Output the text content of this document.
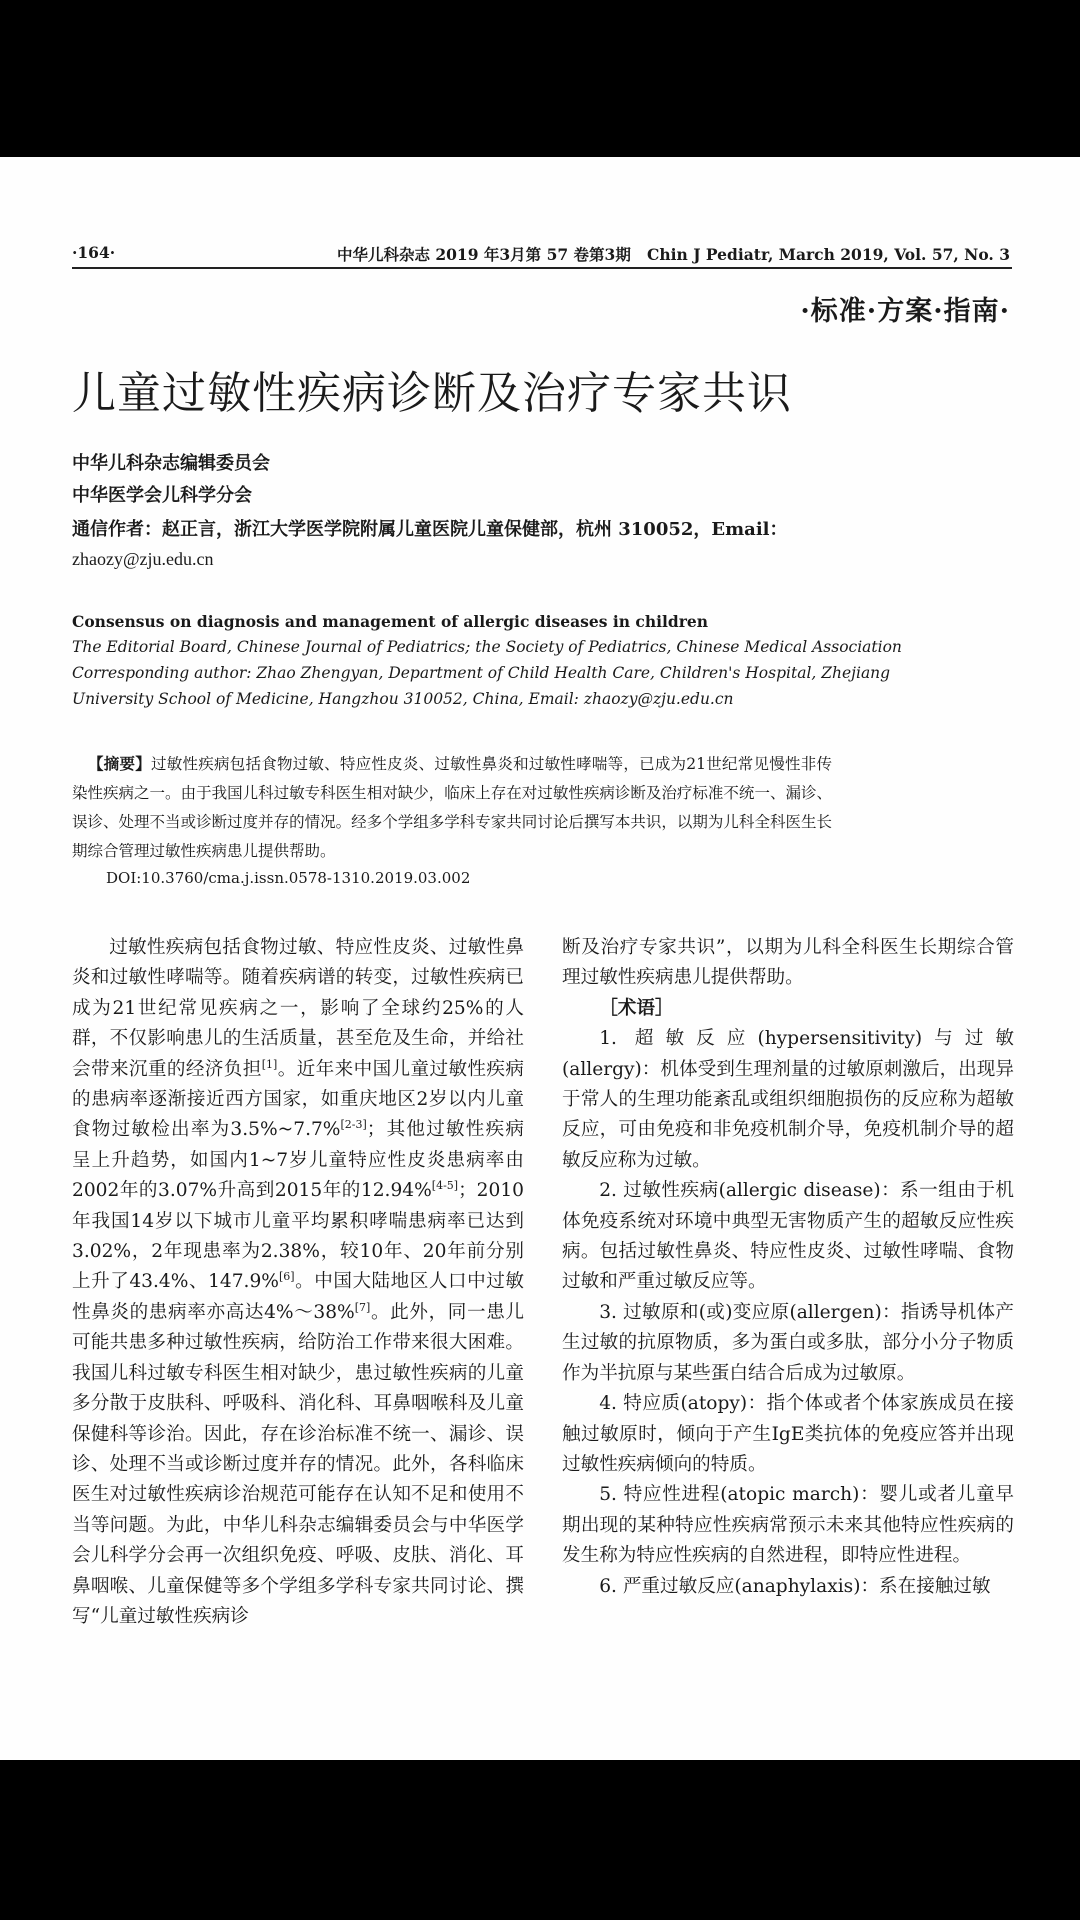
·164·	中华儿科杂志 2019 年3月第 57 卷第3期 Chin J Pediatr, March 2019, Vol. 57, No. 3
·标准·方案·指南·
儿童过敏性疾病诊断及治疗专家共识
中华儿科杂志编辑委员会
中华医学会儿科学分会
通信作者：赵正言，浙江大学医学院附属儿童医院儿童保健部，杭州 310052，Email：
zhaozy@zju.edu.cn
Consensus on diagnosis and management of allergic diseases in children
The Editorial Board, Chinese Journal of Pediatrics; the Society of Pediatrics, Chinese Medical Association
Corresponding author: Zhao Zhengyan, Department of Child Health Care, Children's Hospital, Zhejiang
University School of Medicine, Hangzhou 310052, China, Email: zhaozy@zju.edu.cn
【摘要】过敏性疾病包括食物过敏、特应性皮炎、过敏性鼻炎和过敏性哮喘等，已成为21世纪常见慢性非传染性疾病之一。由于我国儿科过敏专科医生相对缺少，临床上存在对过敏性疾病诊断及治疗标准不统一、漏诊、误诊、处理不当或诊断过度并存的情况。经多个学组多学科专家共同讨论后撰写本共识，以期为儿科全科医生长期综合管理过敏性疾病患儿提供帮助。
DOI:10.3760/cma.j.issn.0578-1310.2019.03.002

过敏性疾病包括食物过敏、特应性皮炎、过敏性鼻炎和过敏性哮喘等。随着疾病谱的转变，过敏性疾病已成为21世纪常见疾病之一，影响了全球约25%的人群，不仅影响患儿的生活质量，甚至危及生命，并给社会带来沉重的经济负担[1]。近年来中国儿童过敏性疾病的患病率逐渐接近西方国家，如重庆地区2岁以内儿童食物过敏检出率为3.5%~7.7%[2-3]；其他过敏性疾病呈上升趋势，如国内1~7岁儿童特应性皮炎患病率由2002年的3.07%升高到2015年的12.94%[4-5]；2010年我国14岁以下城市儿童平均累积哮喘患病率已达到3.02%，2年现患率为2.38%，较10年、20年前分别上升了43.4%、147.9%[6]。中国大陆地区人口中过敏性鼻炎的患病率亦高达4%～38%[7]。此外，同一患儿可能共患多种过敏性疾病，给防治工作带来很大困难。我国儿科过敏专科医生相对缺少，患过敏性疾病的儿童多分散于皮肤科、呼吸科、消化科、耳鼻咽喉科及儿童保健科等诊治。因此，存在诊治标准不统一、漏诊、误诊、处理不当或诊断过度并存的情况。此外，各科临床医生对过敏性疾病诊治规范可能存在认知不足和使用不当等问题。为此，中华儿科杂志编辑委员会与中华医学会儿科学分会再一次组织免疫、呼吸、皮肤、消化、耳鼻咽喉、儿童保健等多个学组多学科专家共同讨论、撰写“儿童过敏性疾病诊

断及治疗专家共识”，以期为儿科全科医生长期综合管理过敏性疾病患儿提供帮助。

［术语］

1. 超敏反应(hypersensitivity)与过敏(allergy)：机体受到生理剂量的过敏原刺激后，出现异于常人的生理功能紊乱或组织细胞损伤的反应称为超敏反应，可由免疫和非免疫机制介导，免疫机制介导的超敏反应称为过敏。

2. 过敏性疾病(allergic disease)：系一组由于机体免疫系统对环境中典型无害物质产生的超敏反应性疾病。包括过敏性鼻炎、特应性皮炎、过敏性哮喘、食物过敏和严重过敏反应等。

3. 过敏原和(或)变应原(allergen)：指诱导机体产生过敏的抗原物质，多为蛋白或多肽，部分小分子物质作为半抗原与某些蛋白结合后成为过敏原。

4. 特应质(atopy)：指个体或者个体家族成员在接触过敏原时，倾向于产生IgE类抗体的免疫应答并出现过敏性疾病倾向的特质。

5. 特应性进程(atopic march)：婴儿或者儿童早期出现的某种特应性疾病常预示未来其他特应性疾病的发生称为特应性疾病的自然进程，即特应性进程。

6. 严重过敏反应(anaphylaxis)：系在接触过敏
